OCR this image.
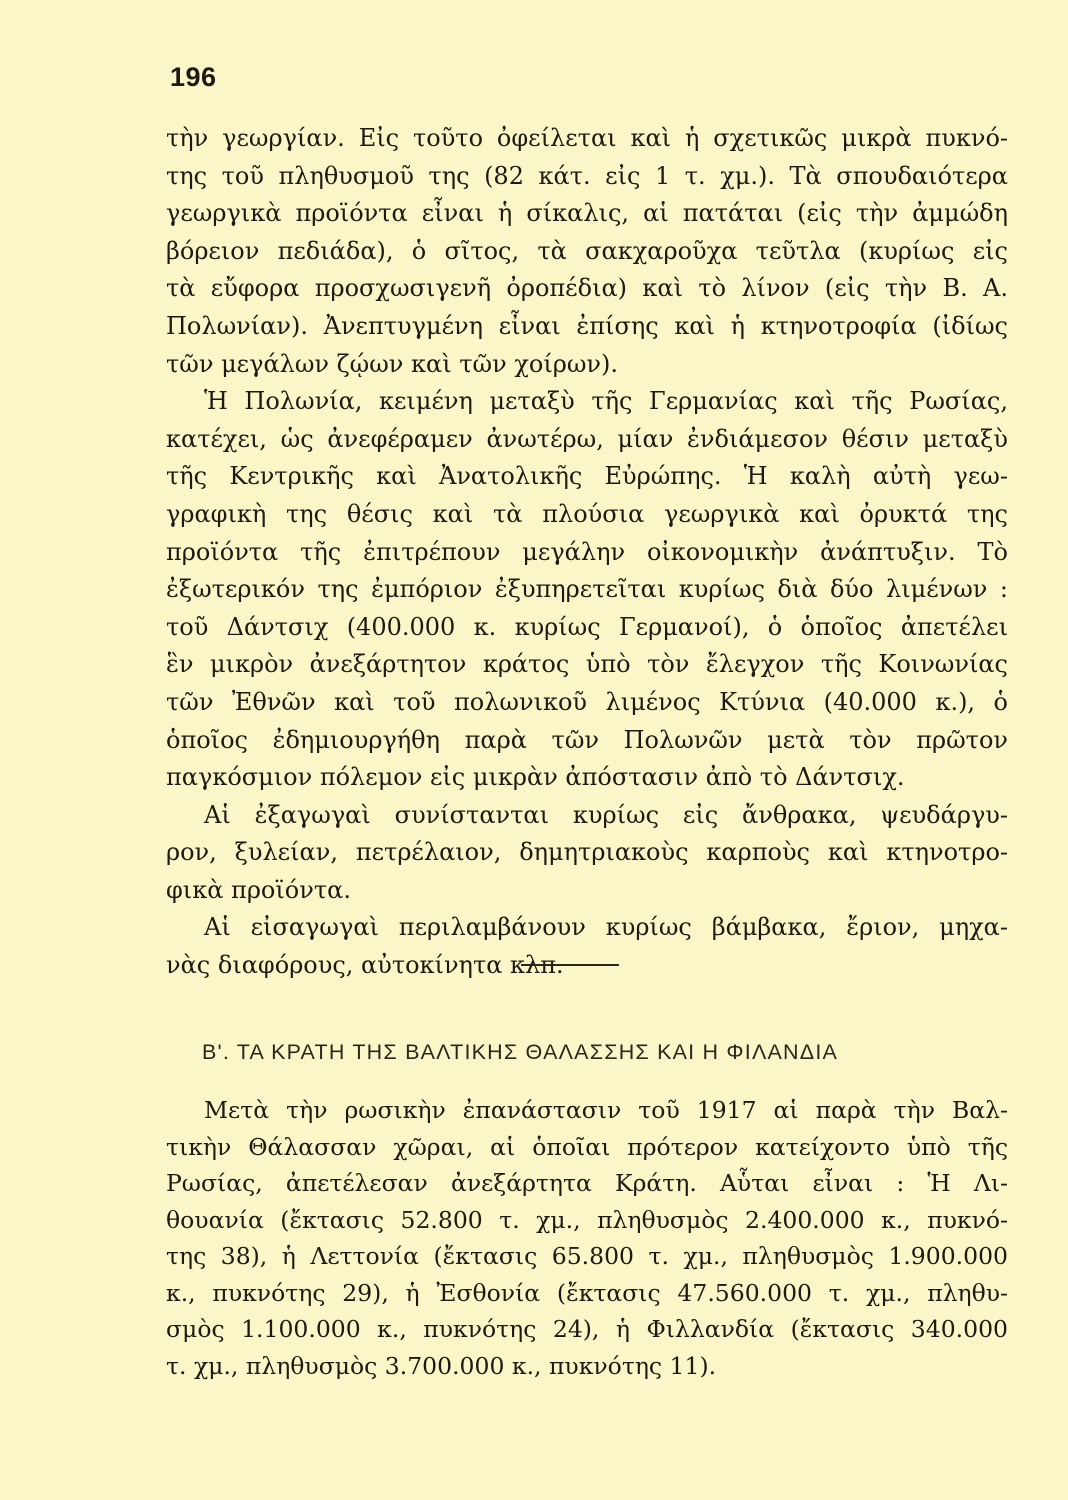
196
τὴν γεωργίαν. Εἰς τοῦτο ὀφείλεται καὶ ἡ σχετικῶς μικρὰ πυκνό-
της τοῦ πληθυσμοῦ της (82 κάτ. εἰς 1 τ. χμ.). Τὰ σπουδαιότερα
γεωργικὰ προϊόντα εἶναι ἡ σίκαλις, αἱ πατάται (εἰς τὴν ἀμμώδη
βόρειον πεδιάδα), ὁ σῖτος, τὰ σακχαροῦχα τεῦτλα (κυρίως εἰς
τὰ εὔφορα προσχωσιγενῆ ὀροπέδια) καὶ τὸ λίνον (εἰς τὴν Β. Α.
Πολωνίαν). Ἀνεπτυγμένη εἶναι ἐπίσης καὶ ἡ κτηνοτροφία (ἰδίως
τῶν μεγάλων ζῴων καὶ τῶν χοίρων).
Ἡ Πολωνία, κειμένη μεταξὺ τῆς Γερμανίας καὶ τῆς Ρωσίας,
κατέχει, ὡς ἀνεφέραμεν ἀνωτέρω, μίαν ἐνδιάμεσον θέσιν μεταξὺ
τῆς Κεντρικῆς καὶ Ἀνατολικῆς Εὐρώπης. Ἡ καλὴ αὐτὴ γεω-
γραφικὴ της θέσις καὶ τὰ πλούσια γεωργικὰ καὶ ὀρυκτά της
προϊόντα τῆς ἐπιτρέπουν μεγάλην οἰκονομικὴν ἀνάπτυξιν. Τὸ
ἐξωτερικόν της ἐμπόριον ἐξυπηρετεῖται κυρίως διὰ δύο λιμένων :
τοῦ Δάντσιχ (400.000 κ. κυρίως Γερμανοί), ὁ ὁποῖος ἀπετέλει
ἓν μικρὸν ἀνεξάρτητον κράτος ὑπὸ τὸν ἔλεγχον τῆς Κοινωνίας
τῶν Ἐθνῶν καὶ τοῦ πολωνικοῦ λιμένος Κτύνια (40.000 κ.), ὁ
ὁποῖος ἐδημιουργήθη παρὰ τῶν Πολωνῶν μετὰ τὸν πρῶτον
παγκόσμιον πόλεμον εἰς μικρὰν ἀπόστασιν ἀπὸ τὸ Δάντσιχ.
Αἱ ἐξαγωγαὶ συνίστανται κυρίως εἰς ἄνθρακα, ψευδάργυ-
ρον, ξυλείαν, πετρέλαιον, δημητριακοὺς καρποὺς καὶ κτηνοτρο-
φικὰ προϊόντα.
Αἱ εἰσαγωγαὶ περιλαμβάνουν κυρίως βάμβακα, ἔριον, μηχα-
νὰς διαφόρους, αὐτοκίνητα κλπ.
Β'. ΤΑ ΚΡΑΤΗ ΤΗΣ ΒΑΛΤΙΚΗΣ ΘΑΛΑΣΣΗΣ ΚΑΙ Η ΦΙΛΑΝΔΙΑ
Μετὰ τὴν ρωσικὴν ἐπανάστασιν τοῦ 1917 αἱ παρὰ τὴν Βαλ-
τικὴν Θάλασσαν χῶραι, αἱ ὁποῖαι πρότερον κατείχοντο ὑπὸ τῆς
Ρωσίας, ἀπετέλεσαν ἀνεξάρτητα Κράτη. Αὗται εἶναι : Ἡ Λι-
θουανία (ἔκτασις 52.800 τ. χμ., πληθυσμὸς 2.400.000 κ., πυκνό-
της 38), ἡ Λεττονία (ἔκτασις 65.800 τ. χμ., πληθυσμὸς 1.900.000
κ., πυκνότης 29), ἡ Ἐσθονία (ἔκτασις 47.560.000 τ. χμ., πληθυ-
σμὸς 1.100.000 κ., πυκνότης 24), ἡ Φιλλανδία (ἔκτασις 340.000
τ. χμ., πληθυσμὸς 3.700.000 κ., πυκνότης 11).
